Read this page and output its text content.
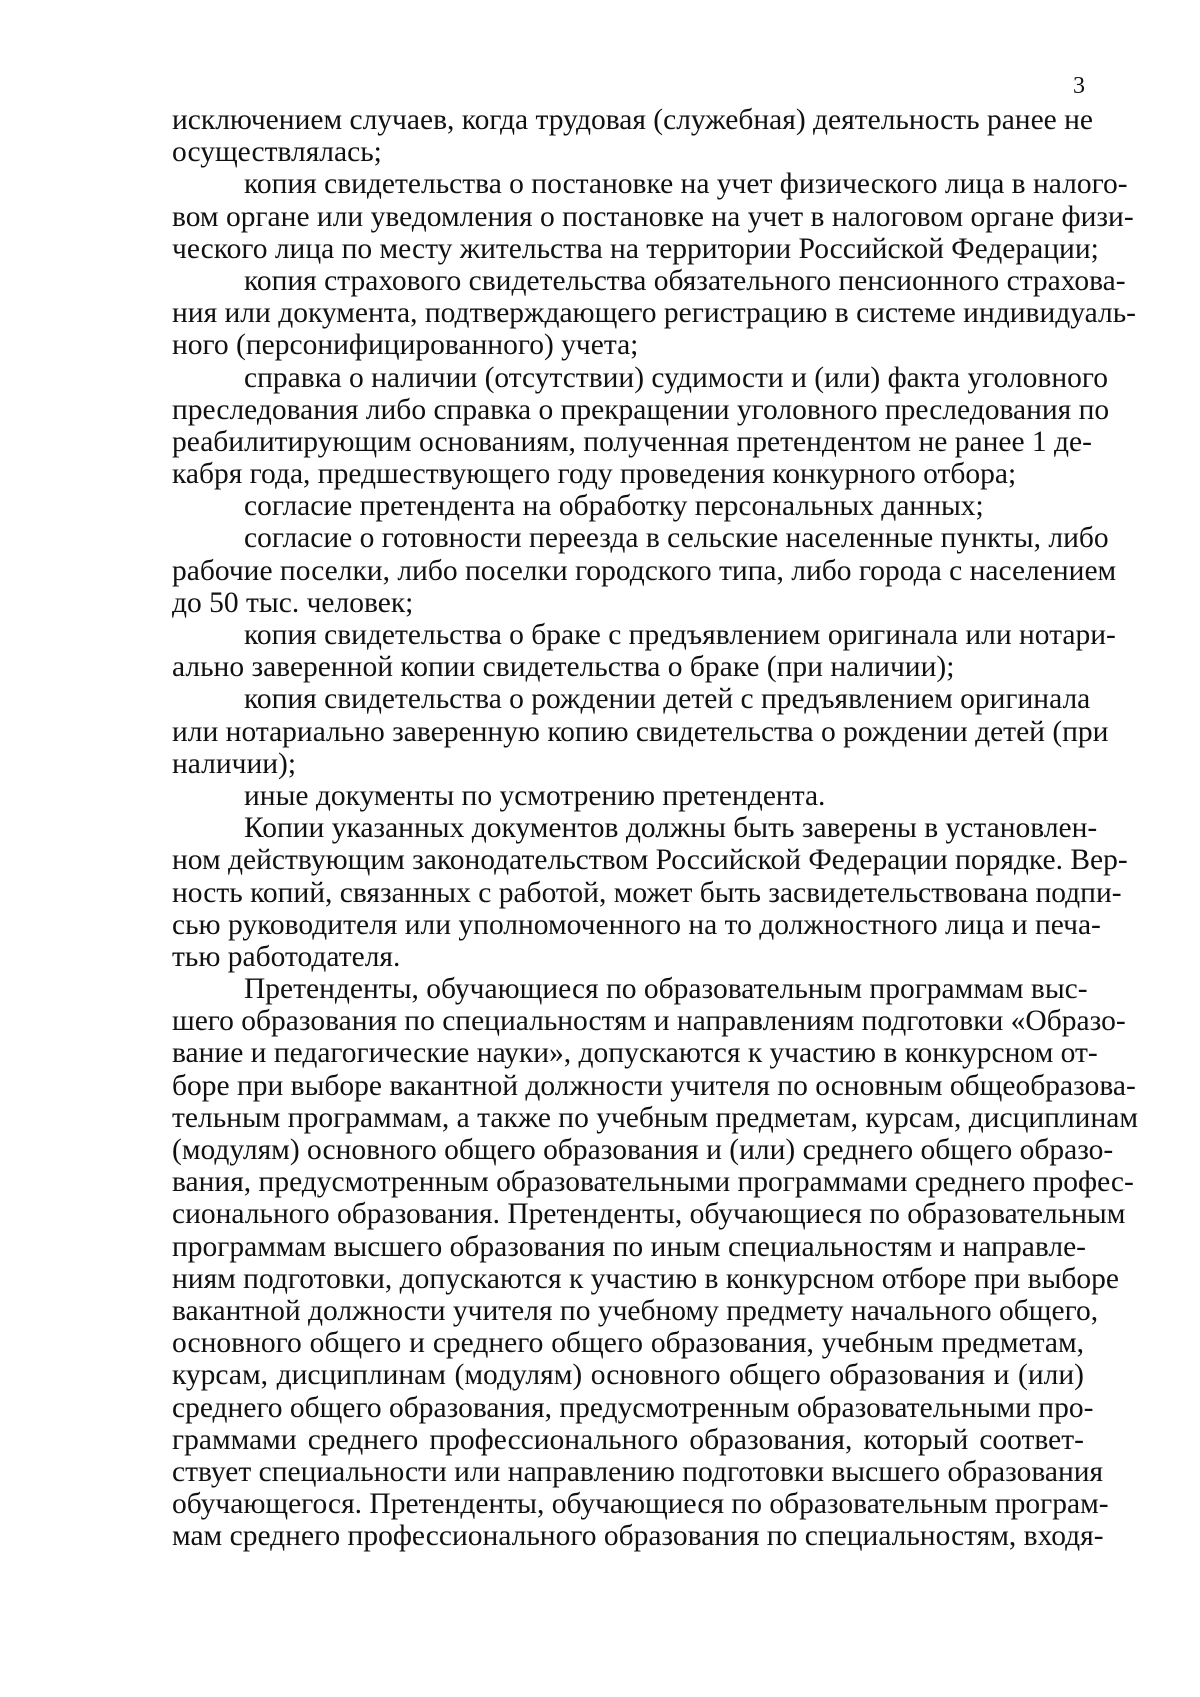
3
исключением случаев, когда трудовая (служебная) деятельность ранее не
осуществлялась;
копия свидетельства о постановке на учет физического лица в налого-
вом органе или уведомления о постановке на учет в налоговом органе физи-
ческого лица по месту жительства на территории Российской Федерации;
копия страхового свидетельства обязательного пенсионного страхова-
ния или документа, подтверждающего регистрацию в системе индивидуаль-
ного (персонифицированного) учета;
справка о наличии (отсутствии) судимости и (или) факта уголовного
преследования либо справка о прекращении уголовного преследования по
реабилитирующим основаниям, полученная претендентом не ранее 1 де-
кабря года, предшествующего году проведения конкурного отбора;
согласие претендента на обработку персональных данных;
согласие о готовности переезда в сельские населенные пункты, либо
рабочие поселки, либо поселки городского типа, либо города с населением
до 50 тыс. человек;
копия свидетельства о браке с предъявлением оригинала или нотари-
ально заверенной копии свидетельства о браке (при наличии);
копия свидетельства о рождении детей с предъявлением оригинала
или нотариально заверенную копию свидетельства о рождении детей (при
наличии);
иные документы по усмотрению претендента.
Копии указанных документов должны быть заверены в установлен-
ном действующим законодательством Российской Федерации порядке. Вер-
ность копий, связанных с работой, может быть засвидетельствована подпи-
сью руководителя или уполномоченного на то должностного лица и печа-
тью работодателя.
Претенденты, обучающиеся по образовательным программам выс-
шего образования по специальностям и направлениям подготовки «Образо-
вание и педагогические науки», допускаются к участию в конкурсном от-
боре при выборе вакантной должности учителя по основным общеобразова-
тельным программам, а также по учебным предметам, курсам, дисциплинам
(модулям) основного общего образования и (или) среднего общего образо-
вания, предусмотренным образовательными программами среднего профес-
сионального образования. Претенденты, обучающиеся по образовательным
программам высшего образования по иным специальностям и направле-
ниям подготовки, допускаются к участию в конкурсном отборе при выборе
вакантной должности учителя по учебному предмету начального общего,
основного общего и среднего общего образования, учебным предметам,
курсам, дисциплинам (модулям) основного общего образования и (или)
среднего общего образования, предусмотренным образовательными про-
граммами среднего профессионального образования, который соответ-
ствует специальности или направлению подготовки высшего образования
обучающегося. Претенденты, обучающиеся по образовательным програм-
мам среднего профессионального образования по специальностям, входя-
